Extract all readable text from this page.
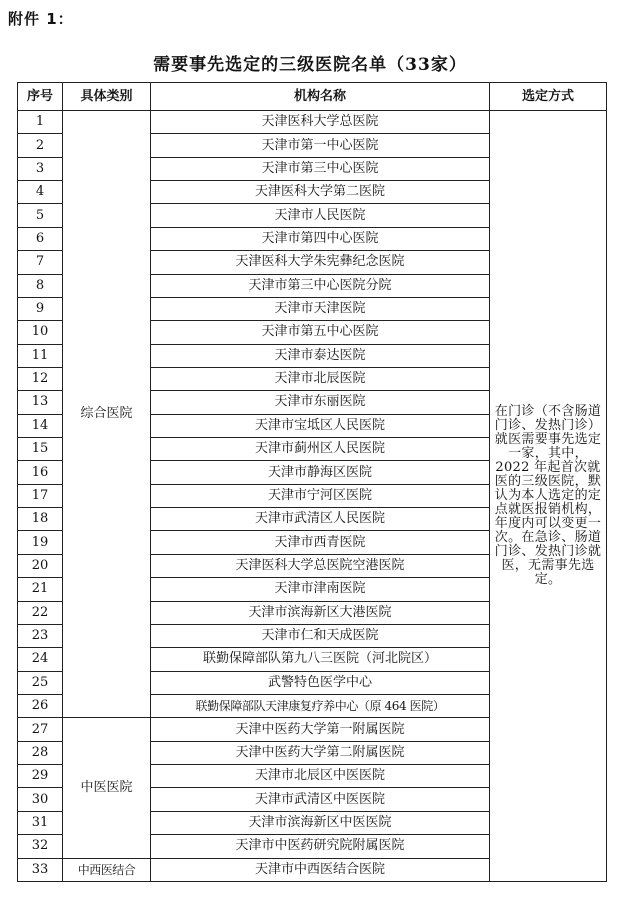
附件 1：
需要事先选定的三级医院名单（33家）
序号	具体类别	机构名称	选定方式
1	综合医院	天津医科大学总医院	在门诊（不含肠道门诊、发热门诊）就医需要事先选定一家，其中，2022 年起首次就医的三级医院，默认为本人选定的定点就医报销机构，年度内可以变更一次。在急诊、肠道门诊、发热门诊就医，无需事先选定。
2		天津市第一中心医院	
3		天津市第三中心医院	
4		天津医科大学第二医院	
5		天津市人民医院	
6		天津市第四中心医院	
7		天津医科大学朱宪彝纪念医院	
8		天津市第三中心医院分院	
9		天津市天津医院	
10		天津市第五中心医院	
11		天津市泰达医院	
12		天津市北辰医院	
13		天津市东丽医院	
14		天津市宝坻区人民医院	
15		天津市蓟州区人民医院	
16		天津市静海区医院	
17		天津市宁河区医院	
18		天津市武清区人民医院	
19		天津市西青医院	
20		天津医科大学总医院空港医院	
21		天津市津南医院	
22		天津市滨海新区大港医院	
23		天津市仁和天成医院	
24		联勤保障部队第九八三医院（河北院区）	
25		武警特色医学中心	
26		联勤保障部队天津康复疗养中心（原 464 医院）	
27	中医医院	天津中医药大学第一附属医院	
28		天津中医药大学第二附属医院	
29		天津市北辰区中医医院	
30		天津市武清区中医医院	
31		天津市滨海新区中医医院	
32		天津市中医药研究院附属医院	
33	中西医结合	天津市中西医结合医院	
